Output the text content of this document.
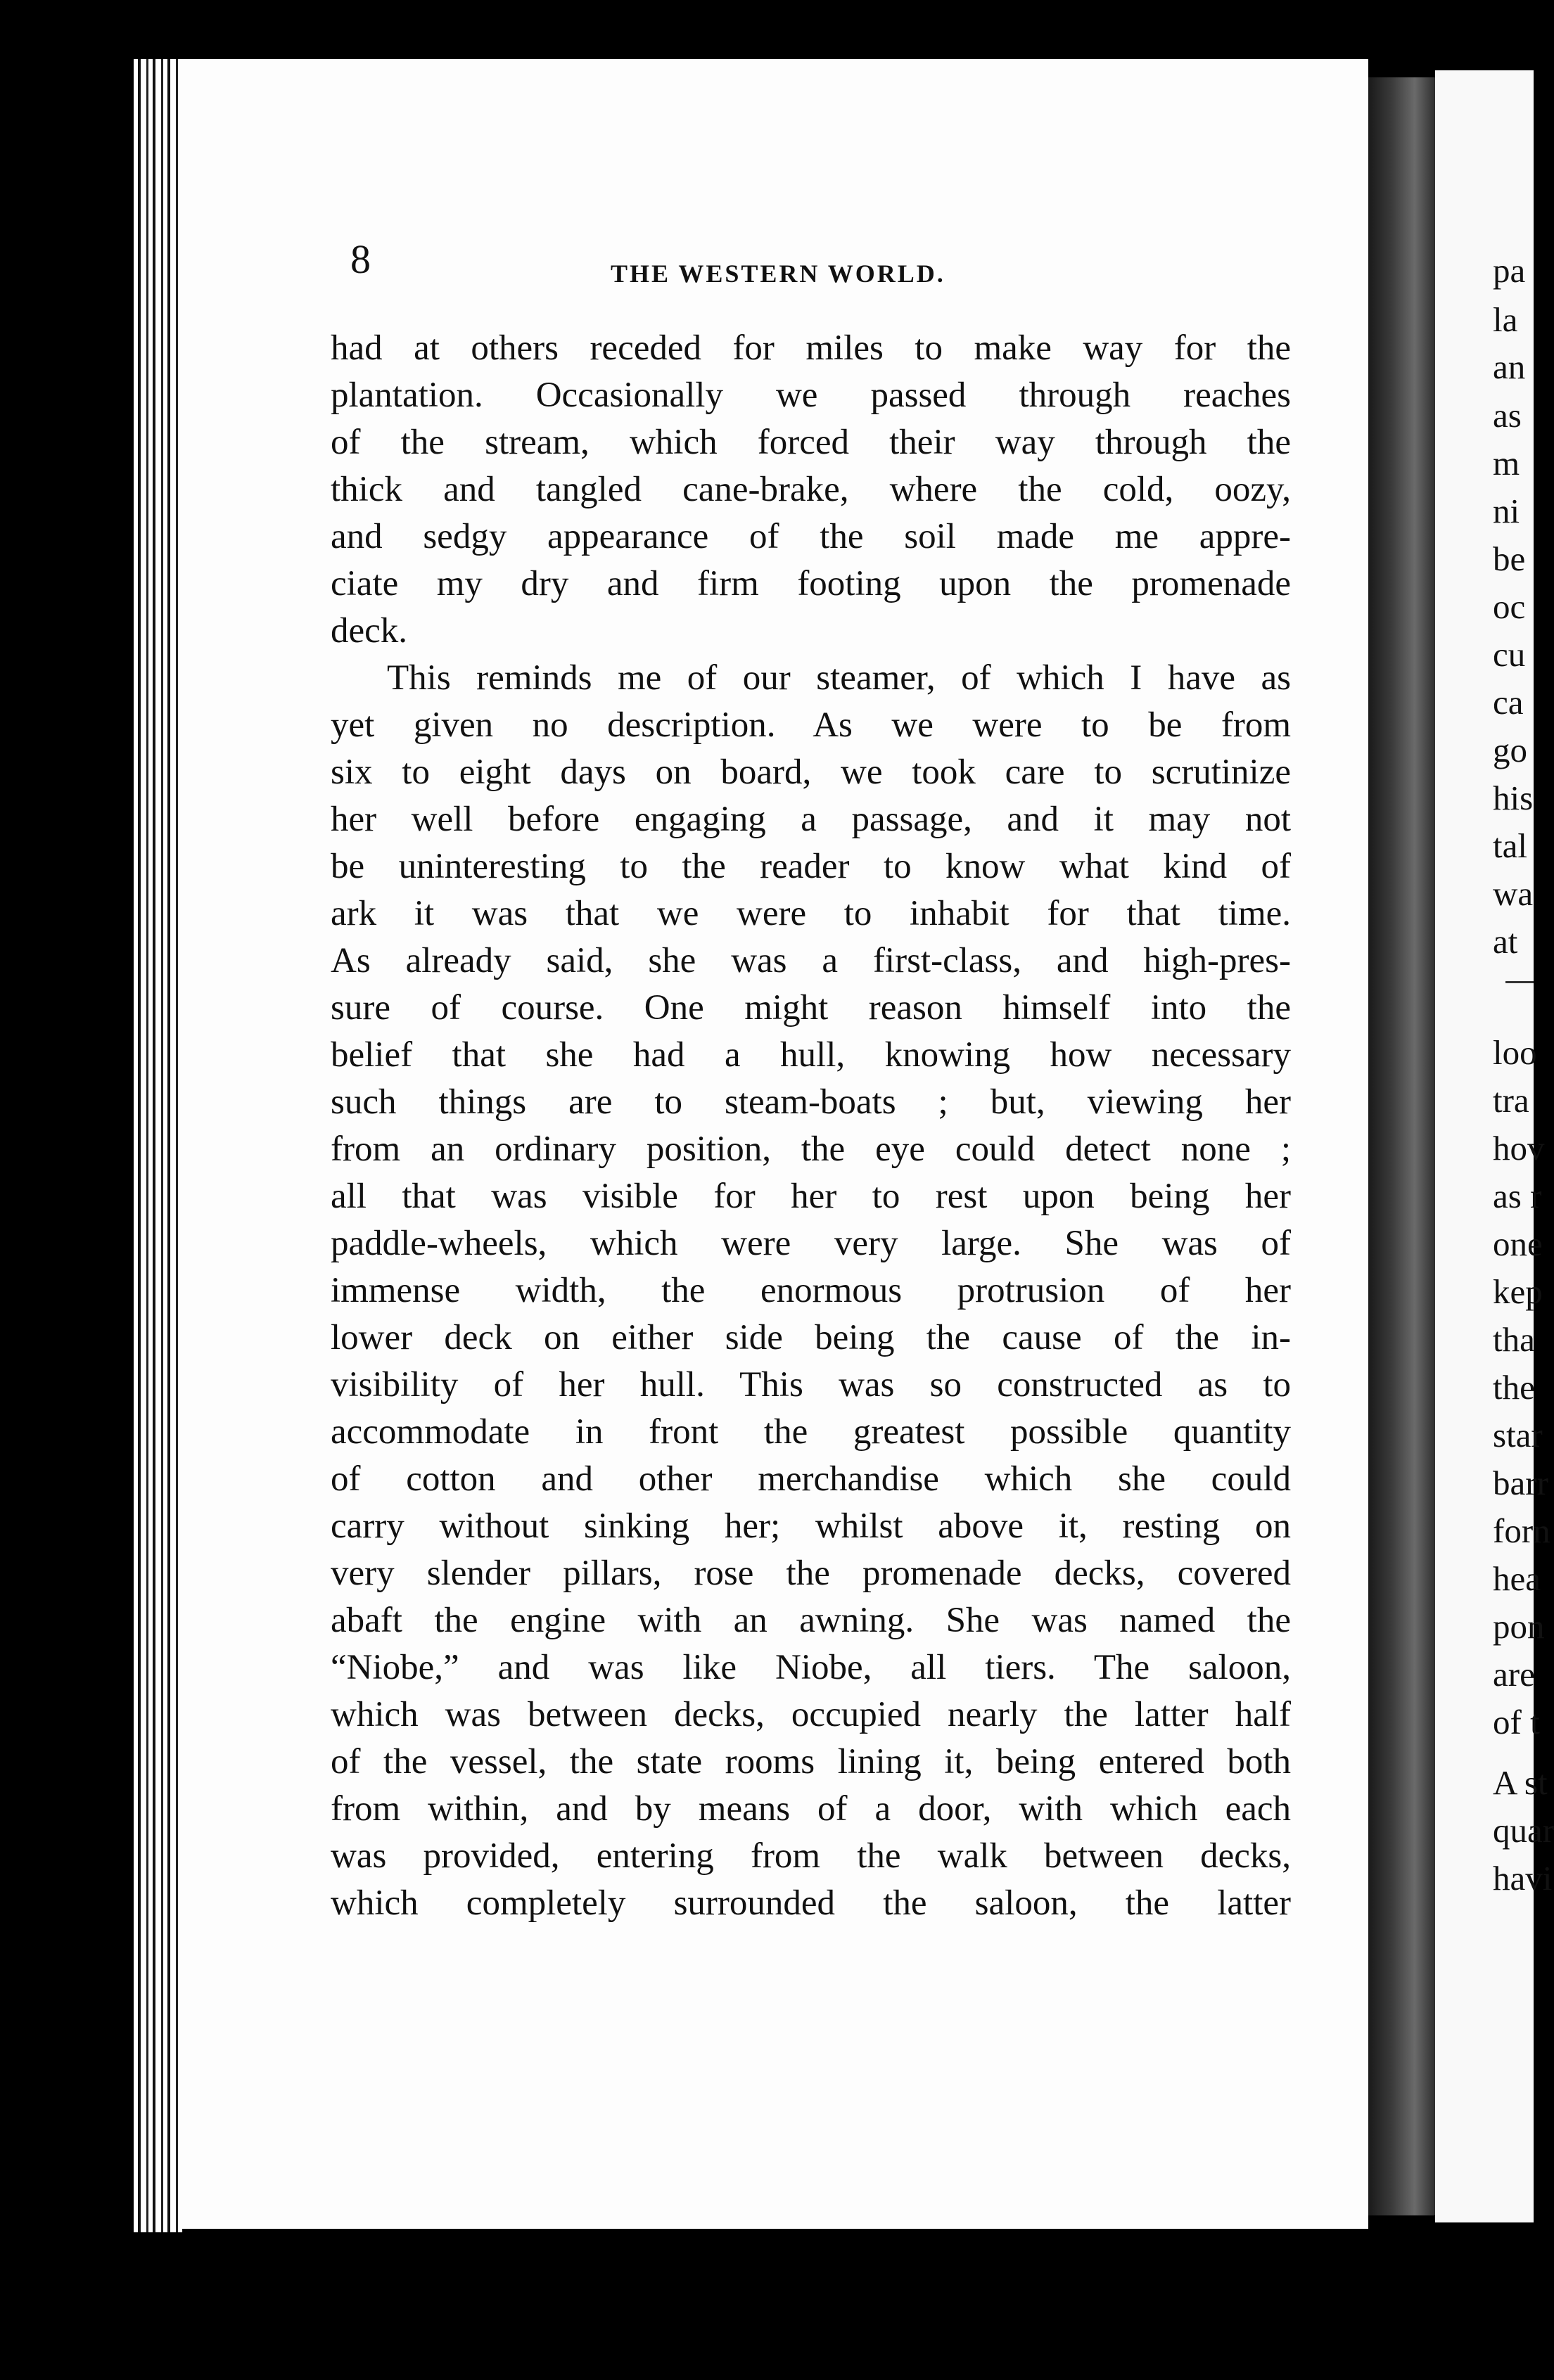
8	THE WESTERN WORLD.

had at others receded for miles to make way for the

plantation. Occasionally we passed through reaches

of the stream, which forced their way through the

thick and tangled cane-brake, where the cold, oozy,

and sedgy appearance of the soil made me appre-

ciate my dry and firm footing upon the promenade

deck.

This reminds me of our steamer, of which I have as

yet given no description. As we were to be from

six to eight days on board, we took care to scrutinize

her well before engaging a passage, and it may not

be uninteresting to the reader to know what kind of

ark it was that we were to inhabit for that time.

As already said, she was a first-class, and high-pres-

sure of course. One might reason himself into the

belief that she had a hull, knowing how necessary

such things are to steam-boats ; but, viewing her

from an ordinary position, the eye could detect none ;

all that was visible for her to rest upon being her

paddle-wheels, which were very large. She was of

immense width, the enormous protrusion of her

lower deck on either side being the cause of the in-

visibility of her hull. This was so constructed as to

accommodate in front the greatest possible quantity

of cotton and other merchandise which she could

carry without sinking her; whilst above it, resting on

very slender pillars, rose the promenade decks, covered

abaft the engine with an awning. She was named the

“Niobe,” and was like Niobe, all tiers. The saloon,

which was between decks, occupied nearly the latter half

of the vessel, the state rooms lining it, being entered both

from within, and by means of a door, with which each

was provided, entering from the walk between decks,

which completely surrounded the saloon, the latter

pa

la

an

as

m

ni

be

oc

cu

ca

go

his

tal

wa

at

loo

tra

hov

as r

one

kep

tha

the

star

barr

forn

hea

pon

are

of t

A st

quar

havi
